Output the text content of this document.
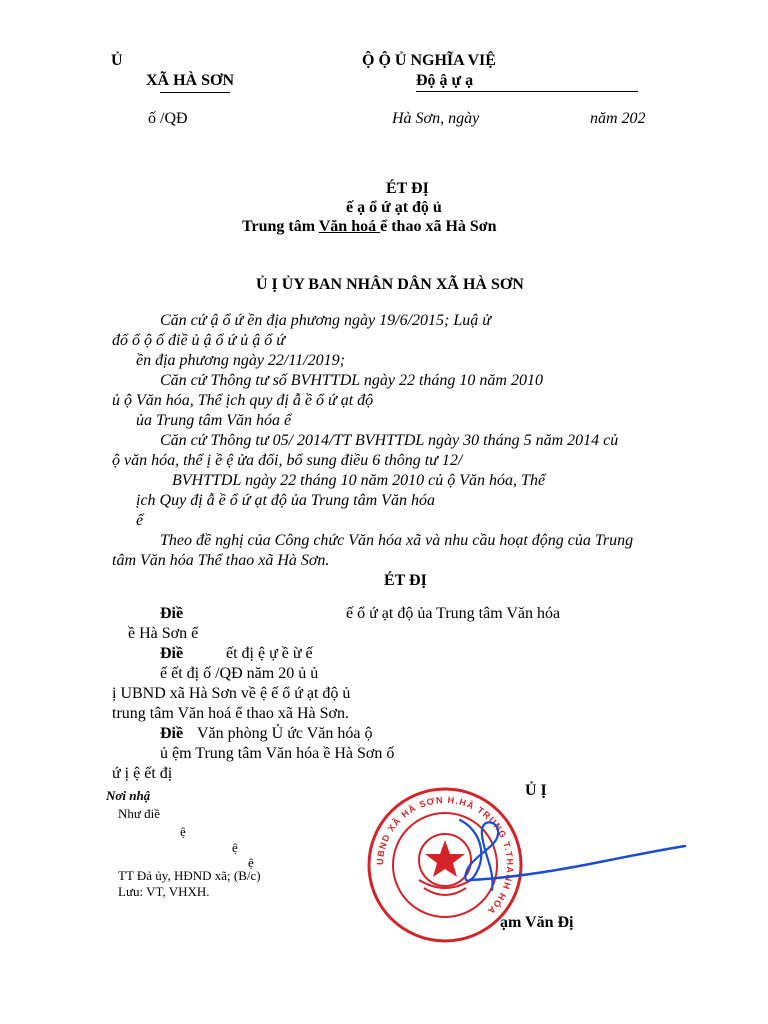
Ủ
XÃ HÀ SƠN
Ộ Ộ Ủ NGHĨA VIỆ
Độ ậ ự ạ
ố /QĐ	Hà Sơn, ngày	năm 202
ÉT ĐỊ
ế ạ ổ ứ ạt độ ủ
Trung tâm Văn hoá ể thao xã Hà Sơn
Ủ Ị ỦY BAN NHÂN DÂN XÃ HÀ SƠN
Căn cứ ậ ổ ứ ền địa phương ngày 19/6/2015; Luậ ử
đổ ổ ộ ố điề ủ ậ ổ ứ ủ ậ ổ ứ
ền địa phương ngày 22/11/2019;
Căn cứ Thông tư số BVHTTDL ngày 22 tháng 10 năm 2010
ủ ộ Văn hóa, Thể ịch quy đị ẫ ề ổ ứ ạt độ
ủa Trung tâm Văn hóa ể
Căn cứ Thông tư 05/ 2014/TT BVHTTDL ngày 30 tháng 5 năm 2014 củ
ộ văn hóa, thể ị ề ệ ửa đổi, bổ sung điều 6 thông tư 12/
BVHTTDL ngày 22 tháng 10 năm 2010 củ ộ Văn hóa, Thể
ịch Quy đị ẫ ề ổ ứ ạt độ ủa Trung tâm Văn hóa
ể
Theo đề nghị của Công chức Văn hóa xã và nhu cầu hoạt động của Trung
tâm Văn hóa Thể thao xã Hà Sơn.
ÉT ĐỊ
Điề	ế ổ ứ ạt độ ủa Trung tâm Văn hóa
ề Hà Sơn ể
Điề	ết đị ệ ự ề ừ ế
ế ết đị ố /QĐ năm 20 ủ ủ
ị UBND xã Hà Sơn về ệ ế ổ ứ ạt độ ủ
trung tâm Văn hoá ể thao xã Hà Sơn.
Điề Văn phòng Ủ ức Văn hóa ộ
ủ ệm Trung tâm Văn hóa ề Hà Sơn ố
ứ ị ệ ết đị
Nơi nhậ
Như điề
ệ
ệ
ệ
TT Đả ủy, HĐND xã; (B/c)
Lưu: VT, VHXH.
Ủ Ị
UBND XÃ HÀ SƠN H.HÀ TRUNG T.THANH HÓA
ạm Văn Đị
